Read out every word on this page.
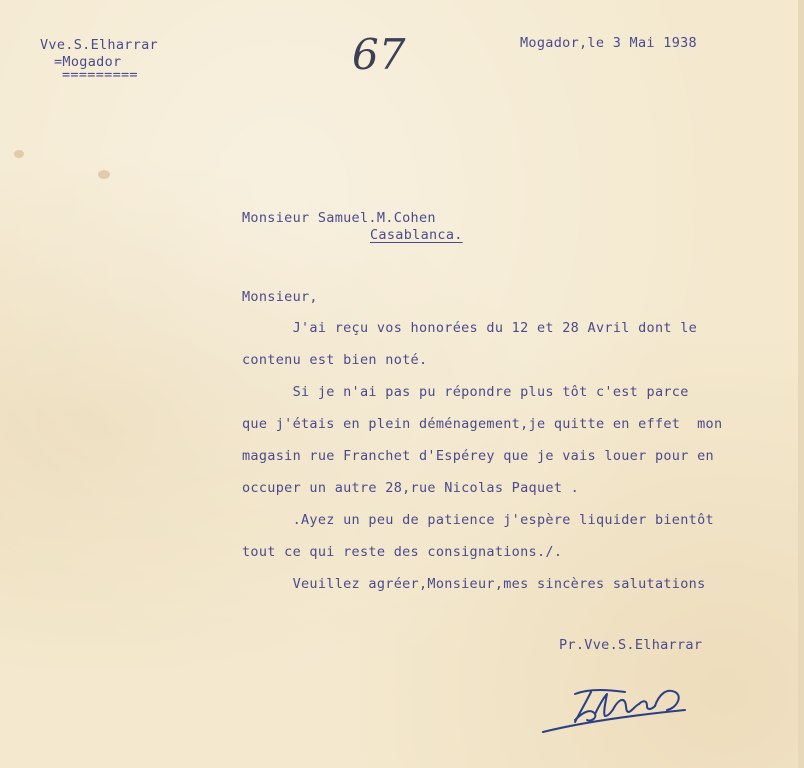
Vve.S.Elharrar
=Mogador
=========	67	Mogador,le 3 Mai 1938
Monsieur Samuel.M.Cohen
Casablanca.
Monsieur,
J'ai reçu vos honorées du 12 et 28 Avril dont le
contenu est bien noté.
Si je n'ai pas pu répondre plus tôt c'est parce
que j'étais en plein déménagement,je quitte en effet  mon
magasin rue Franchet d'Espérey que je vais louer pour en
occuper un autre 28,rue Nicolas Paquet .
.Ayez un peu de patience j'espère liquider bientôt
tout ce qui reste des consignations./.
Veuillez agréer,Monsieur,mes sincères salutations
Pr.Vve.S.Elharrar
